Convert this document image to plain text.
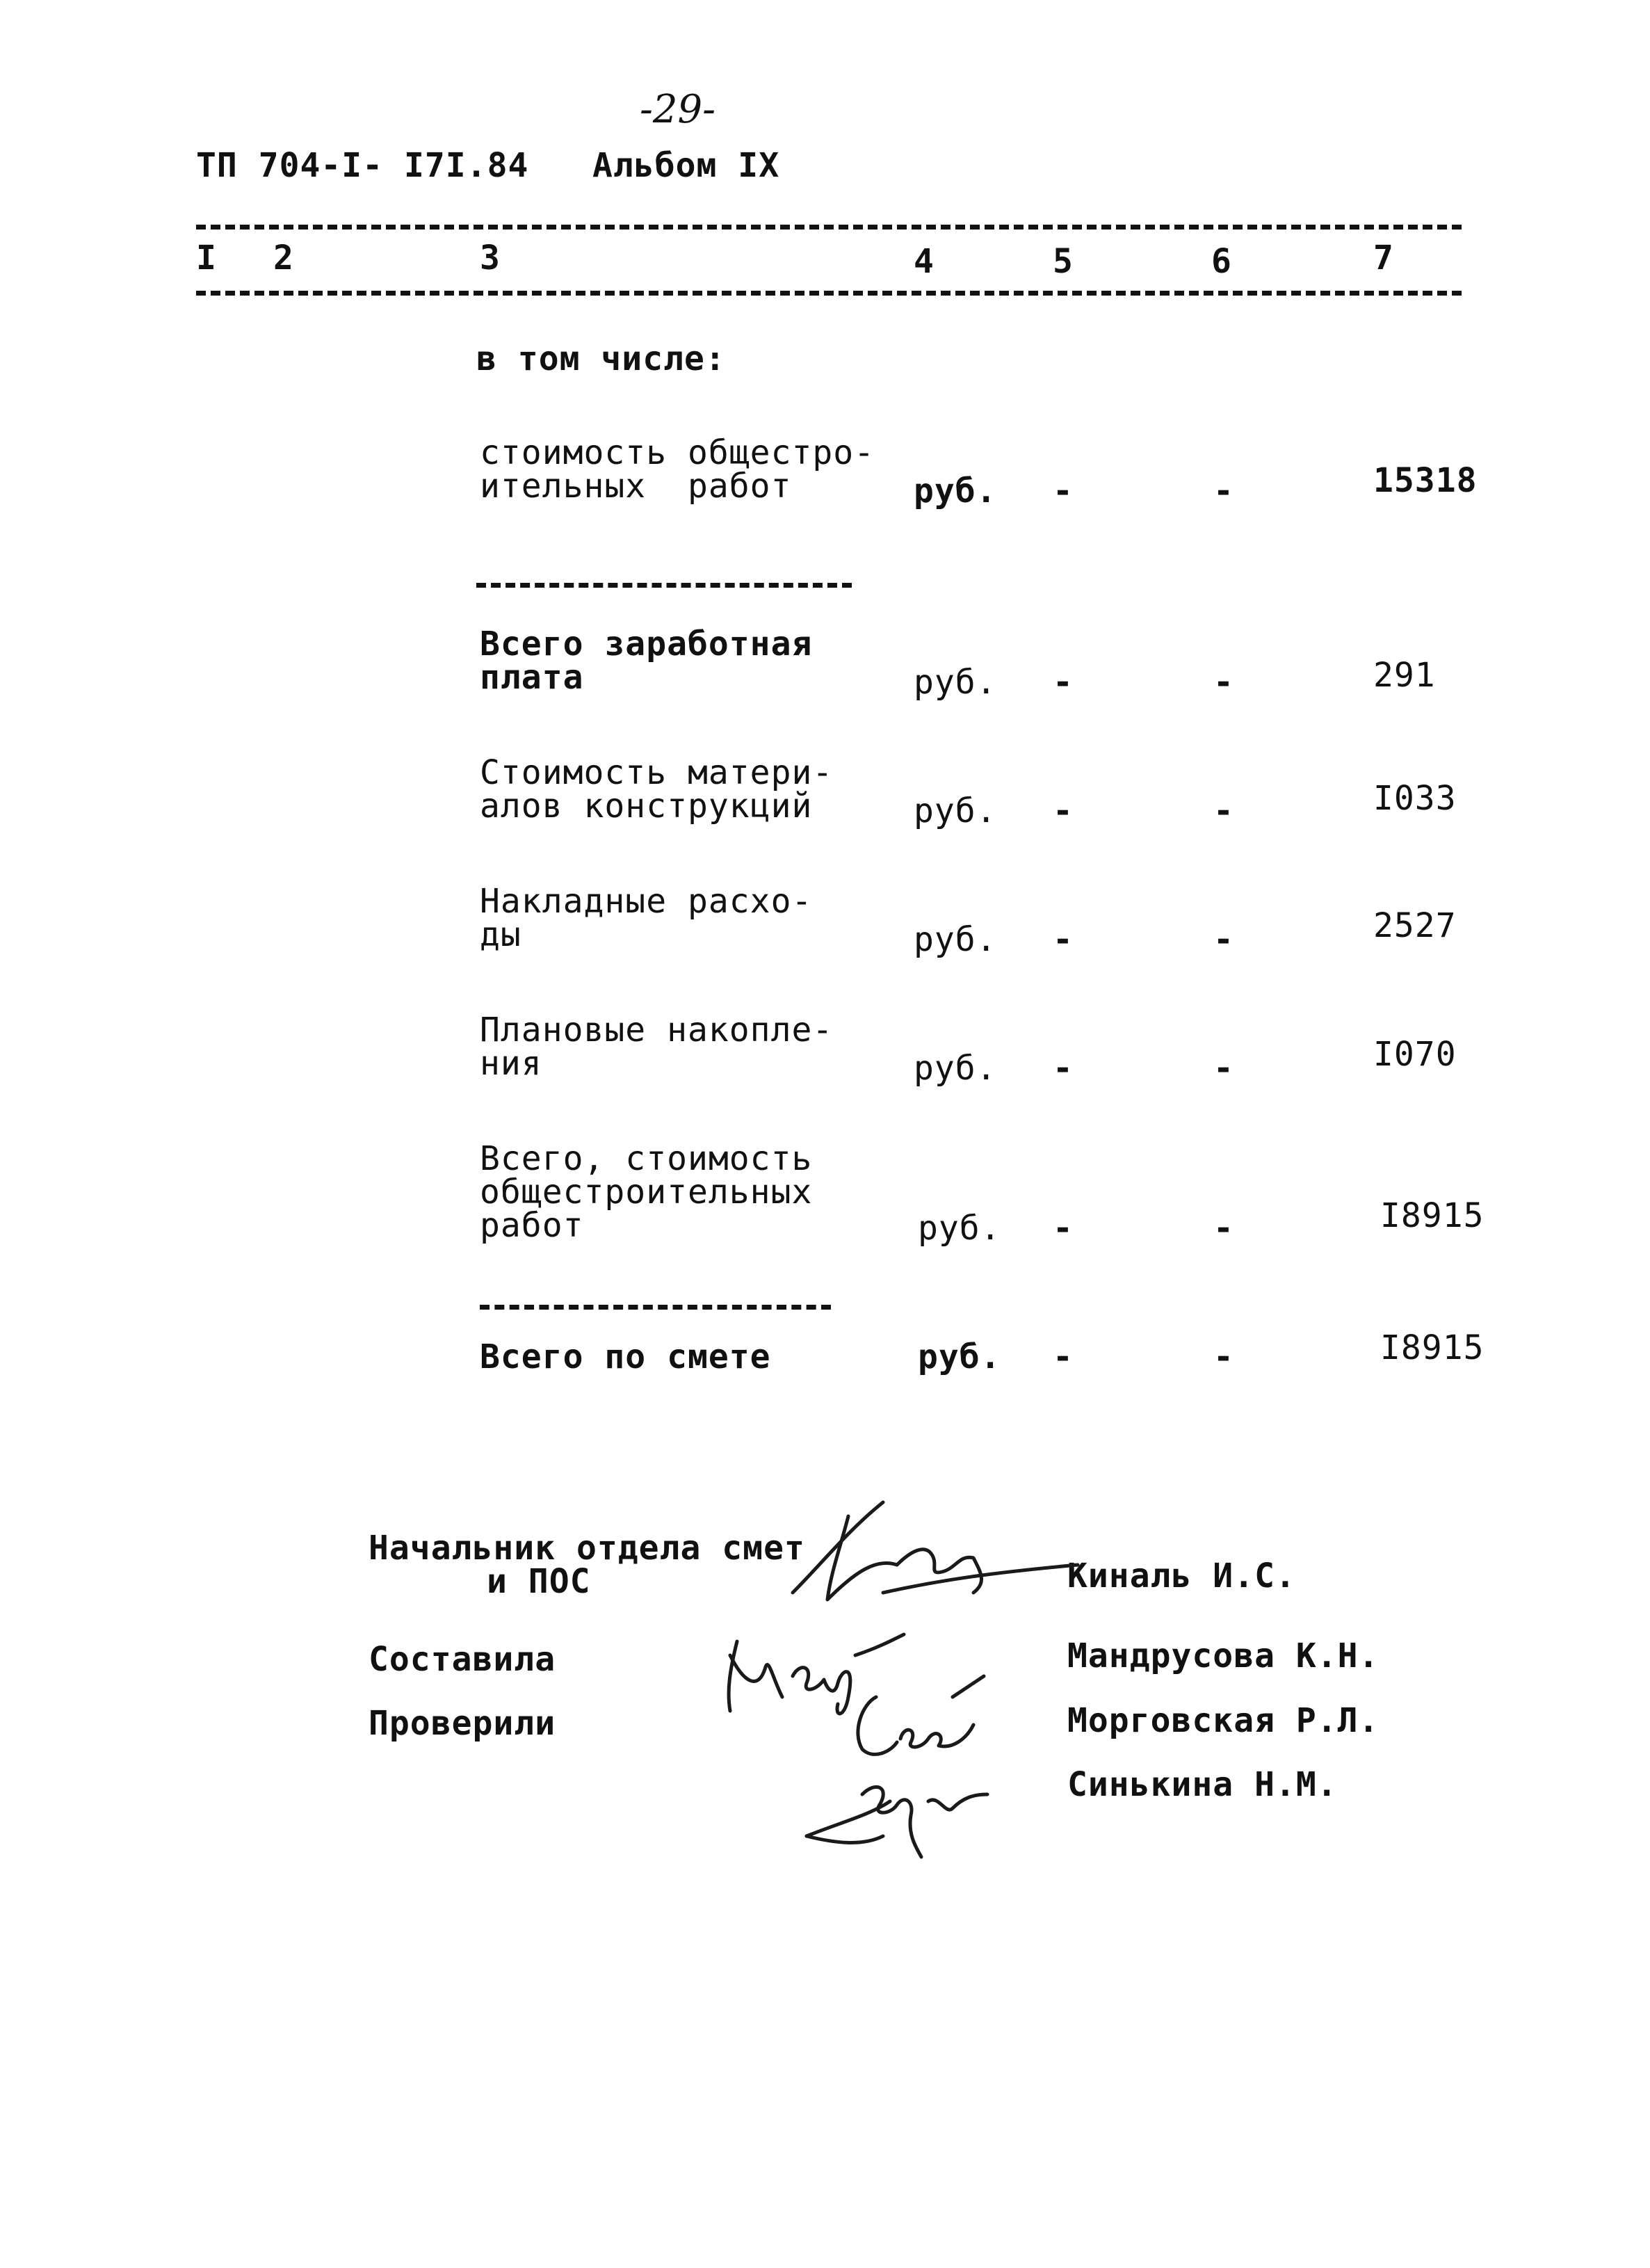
-29-
ТП 704-I- I7I.84 Альбом IX
I 2	3	4	5	6	7
в том числе:
стоимость общестро-
ительных  работ	руб. -	-	15318
Всего заработная
плата	руб. -	-	291
Стоимость матери-
алов конструкций	руб. -	-	I033
Накладные расхо-
ды	руб. -	-	2527
Плановые накопле-
ния	руб. -	-	I070
Всего, стоимость
общестроительных
работ	руб. -	-	I8915
Всего по смете	руб. -	-	I8915
Начальник отдела смет
и ПОС	Киналь И.С.
Составила	Мандрусова К.Н.
Проверили	Морговская Р.Л.
Синькина Н.М.
